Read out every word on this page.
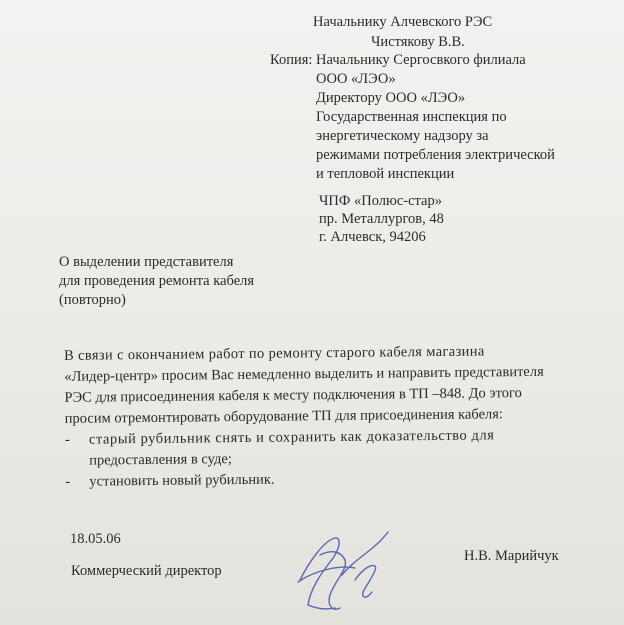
Начальнику Алчевского РЭС
Чистякову В.В.
Копия: Начальнику Сергосвкого филиала
ООО «ЛЭО»
Директору ООО «ЛЭО»
Государственная инспекция по
энергетическому надзору за
режимами потребления электрической
и тепловой инспекции
ЧПФ «Полюс-стар»
пр. Металлургов, 48
г. Алчевск, 94206
О выделении представителя
для проведения ремонта кабеля
(повторно)
В связи с окончанием работ по ремонту старого кабеля магазина
«Лидер-центр» просим Вас немедленно выделить и направить представителя
РЭС для присоединения кабеля к месту подключения в ТП –848. До этого
просим отремонтировать оборудование ТП для присоединения кабеля:
- старый рубильник снять и сохранить как доказательство для
предоставления в суде;
- установить новый рубильник.
18.05.06
Коммерческий директор
Н.В. Марийчук
